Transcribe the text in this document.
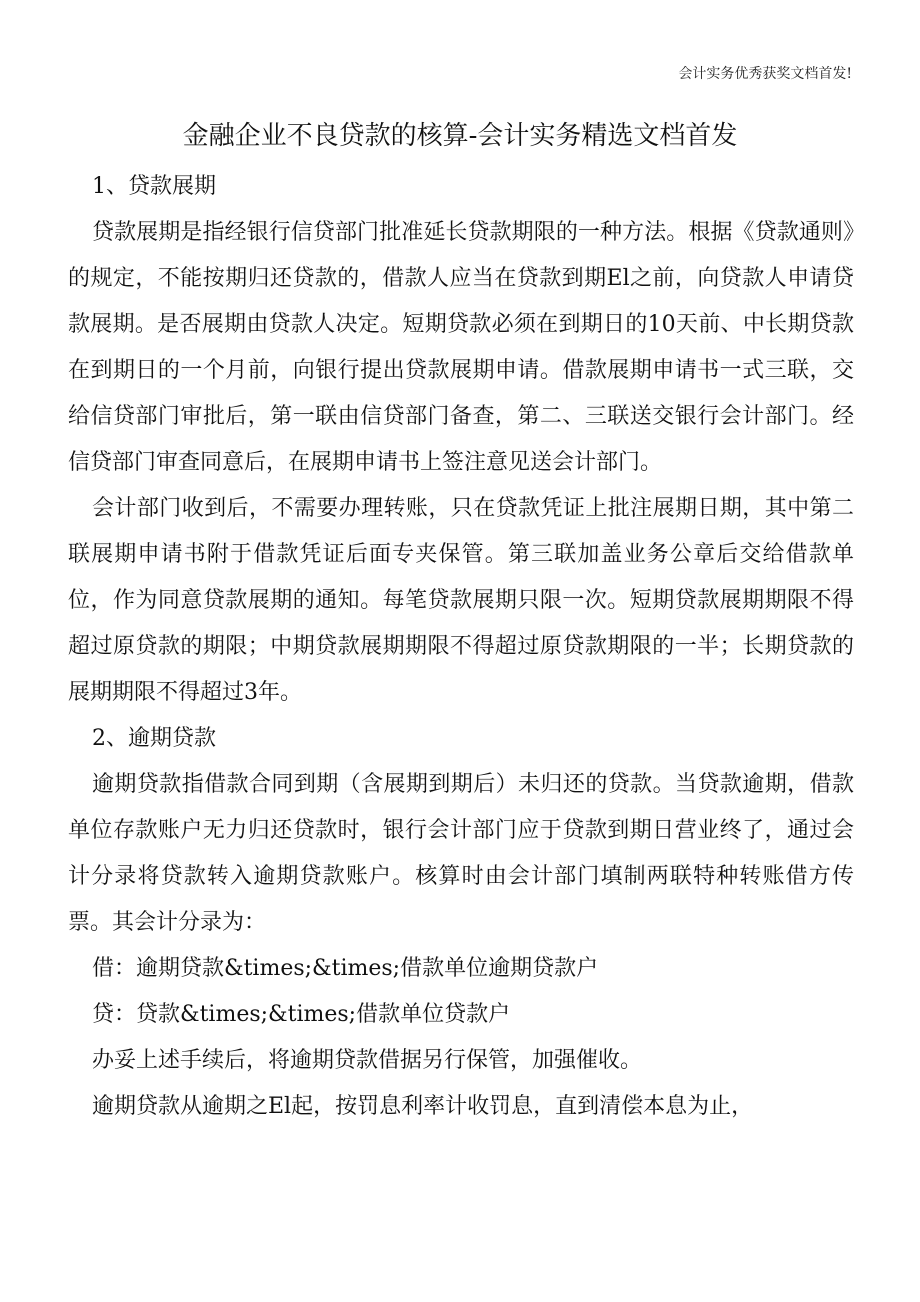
会计实务优秀获奖文档首发!
金融企业不良贷款的核算-会计实务精选文档首发

1、贷款展期

贷款展期是指经银行信贷部门批准延长贷款期限的一种方法。根据《贷款通则》的规定，不能按期归还贷款的，借款人应当在贷款到期El之前，向贷款人申请贷款展期。是否展期由贷款人决定。短期贷款必须在到期日的10天前、中长期贷款在到期日的一个月前，向银行提出贷款展期申请。借款展期申请书一式三联，交给信贷部门审批后，第一联由信贷部门备查，第二、三联送交银行会计部门。经信贷部门审查同意后，在展期申请书上签注意见送会计部门。

会计部门收到后，不需要办理转账，只在贷款凭证上批注展期日期，其中第二联展期申请书附于借款凭证后面专夹保管。第三联加盖业务公章后交给借款单位，作为同意贷款展期的通知。每笔贷款展期只限一次。短期贷款展期期限不得超过原贷款的期限；中期贷款展期期限不得超过原贷款期限的一半；长期贷款的展期期限不得超过3年。

2、逾期贷款

逾期贷款指借款合同到期（含展期到期后）未归还的贷款。当贷款逾期，借款单位存款账户无力归还贷款时，银行会计部门应于贷款到期日营业终了，通过会计分录将贷款转入逾期贷款账户。核算时由会计部门填制两联特种转账借方传票。其会计分录为：

借：逾期贷款&times;&times;借款单位逾期贷款户

贷：贷款&times;&times;借款单位贷款户

办妥上述手续后，将逾期贷款借据另行保管，加强催收。

逾期贷款从逾期之El起，按罚息利率计收罚息，直到清偿本息为止，
